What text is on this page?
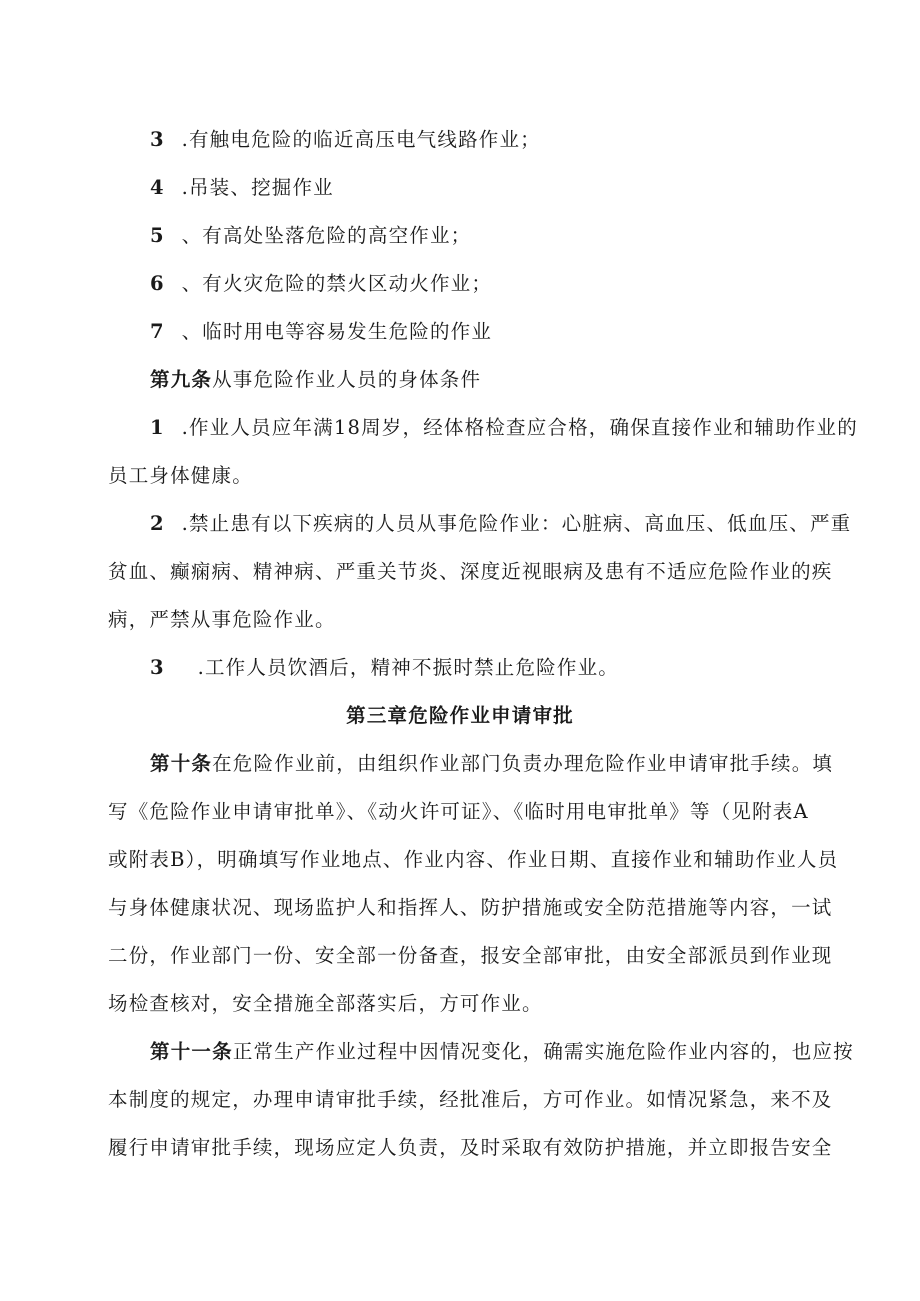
3 .有触电危险的临近高压电气线路作业；
4 .吊装、挖掘作业
5 、有高处坠落危险的高空作业；
6 、有火灾危险的禁火区动火作业；
7 、临时用电等容易发生危险的作业
第九条从事危险作业人员的身体条件
1 .作业人员应年满18周岁，经体格检查应合格，确保直接作业和辅助作业的
员工身体健康。
2 .禁止患有以下疾病的人员从事危险作业：心脏病、高血压、低血压、严重
贫血、癫痫病、精神病、严重关节炎、深度近视眼病及患有不适应危险作业的疾
病，严禁从事危险作业。
3 .工作人员饮酒后，精神不振时禁止危险作业。
第三章危险作业申请审批
第十条在危险作业前，由组织作业部门负责办理危险作业申请审批手续。填
写《危险作业申请审批单》、《动火许可证》、《临时用电审批单》等（见附表A
或附表B），明确填写作业地点、作业内容、作业日期、直接作业和辅助作业人员
与身体健康状况、现场监护人和指挥人、防护措施或安全防范措施等内容，一试
二份，作业部门一份、安全部一份备查，报安全部审批，由安全部派员到作业现
场检查核对，安全措施全部落实后，方可作业。
第十一条正常生产作业过程中因情况变化，确需实施危险作业内容的，也应按
本制度的规定，办理申请审批手续，经批准后，方可作业。如情况紧急，来不及
履行申请审批手续，现场应定人负责，及时采取有效防护措施，并立即报告安全
